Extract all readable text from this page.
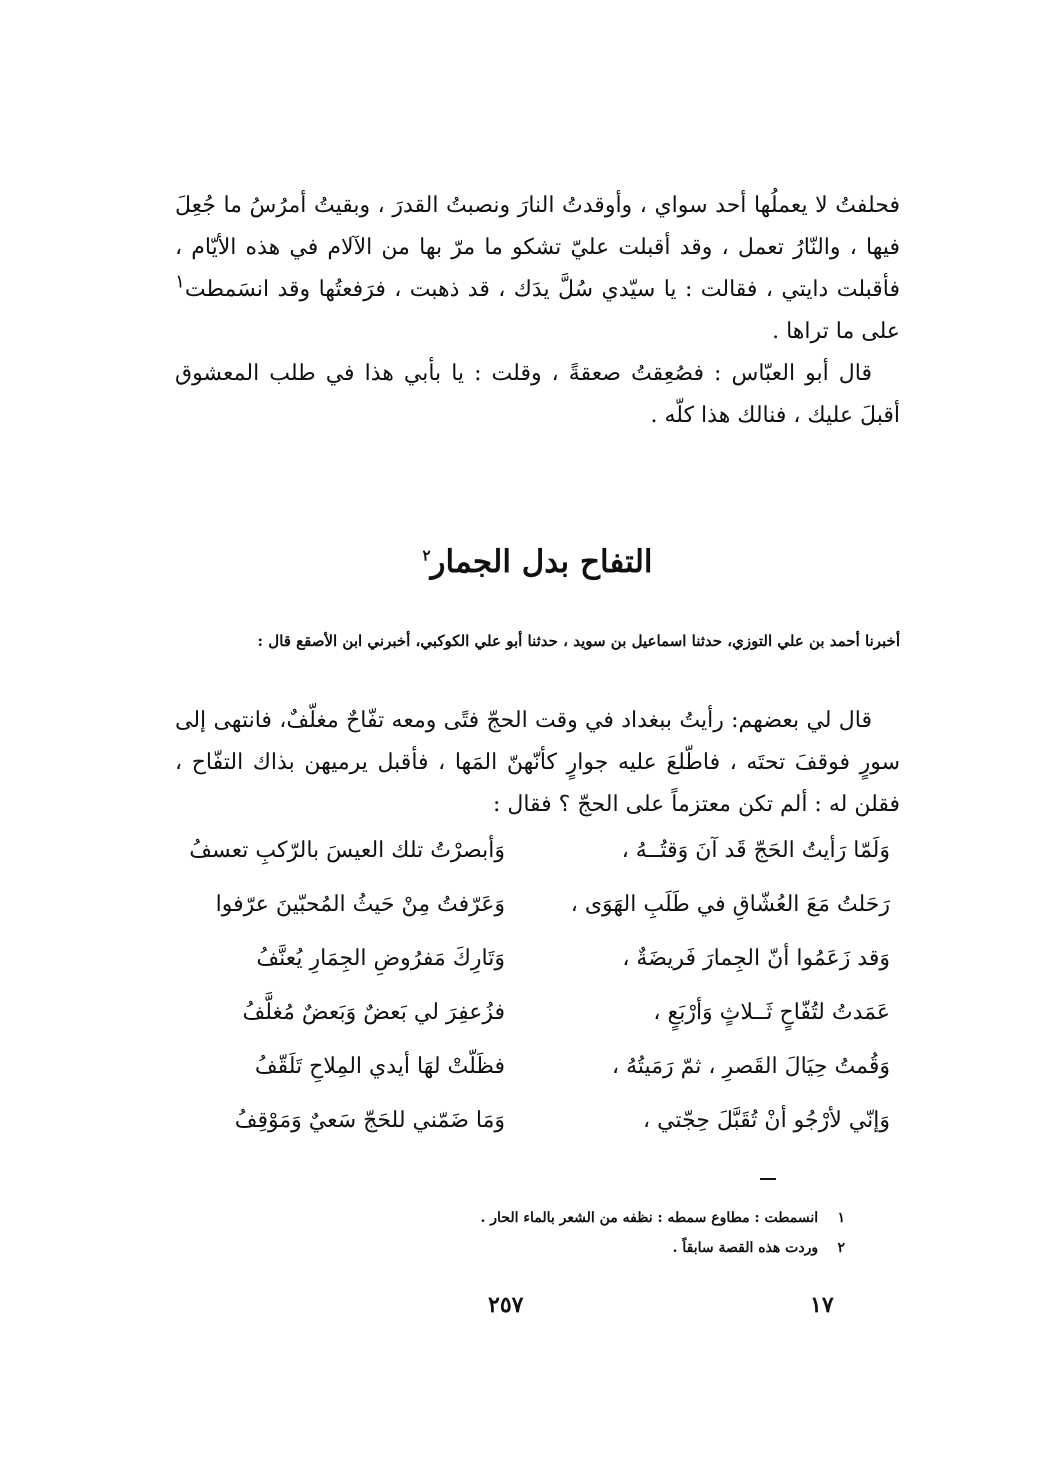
فحلفتُ لا يعملُها أحد سواي ، وأوقدتُ النارَ ونصبتُ القدرَ ، وبقيتُ أمرُسُ ما جُعِلَ فيها ، والنّارُ تعمل ، وقد أقبلت عليّ تشكو ما مرّ بها من الآلام في هذه الأيّام ، فأقبلت دايتي ، فقالت : يا سيّدي سُلَّ يدَك ، قد ذهبت ، فرَفعتُها وقد انسَمطت$^١$ على ما تراها .

قال أبو العبّاس : فصُعِقتُ صعقةً ، وقلت : يا بأبي هذا في طلب المعشوق أقبلَ عليك ، فنالك هذا كلّه .

التفاح بدل الجمار$^٢$
أخبرنا أحمد بن علي التوزي، حدثنا اسماعيل بن سويد ، حدثنا أبو علي الكوكبي، أخبرني ابن الأصقع قال :

قال لي بعضهم: رأيتُ ببغداد في وقت الحجّ فتًى ومعه تفّاحٌ مغلّفٌ، فانتهى إلى سورٍ فوقفَ تحتَه ، فاطّلعَ عليه جوارٍ كأنّهنّ المَها ، فأقبل يرميهن بذاك التفّاح ، فقلن له : ألم تكن معتزماً على الحجّ ؟ فقال :

وَلَمّا رَأيتُ الحَجّ قَد آنَ وَقتُــهُ ،
وَأبصرْتُ تلك العيسَ بالرّكبِ تعسفُ
رَحَلتُ مَعَ العُشّاقِ في طَلَبِ الهَوَى ،
وَعَرّفتُ مِنْ حَيثُ المُحبّينَ عرّفوا
وَقد زَعَمُوا أنّ الجِمارَ فَريضَةٌ ،
وَتَارِكَ مَفرُوضِ الجِمَارِ يُعنَّفُ
عَمَدتُ لتُفّاحٍ ثَــلاثٍ وَأرْبَعٍ ،
فزُعفِرَ لي بَعضٌ وَبَعضٌ مُغلَّفُ
وَقُمتُ حِيَالَ القَصرِ ، ثمّ رَمَيتُهُ ،
فظَلّتْ لهَا أيدي المِلاحِ تَلَقّفُ
وَإنّي لأرْجُو أنْ تُقَبَّلَ حِجّتي ،
وَمَا ضَمّني للحَجّ سَعيٌ وَمَوْقِفُ
١ انسمطت : مطاوع سمطه : نظفه من الشعر بالماء الحار .
٢ وردت هذه القصة سابقاً .
٢٥٧	١٧
